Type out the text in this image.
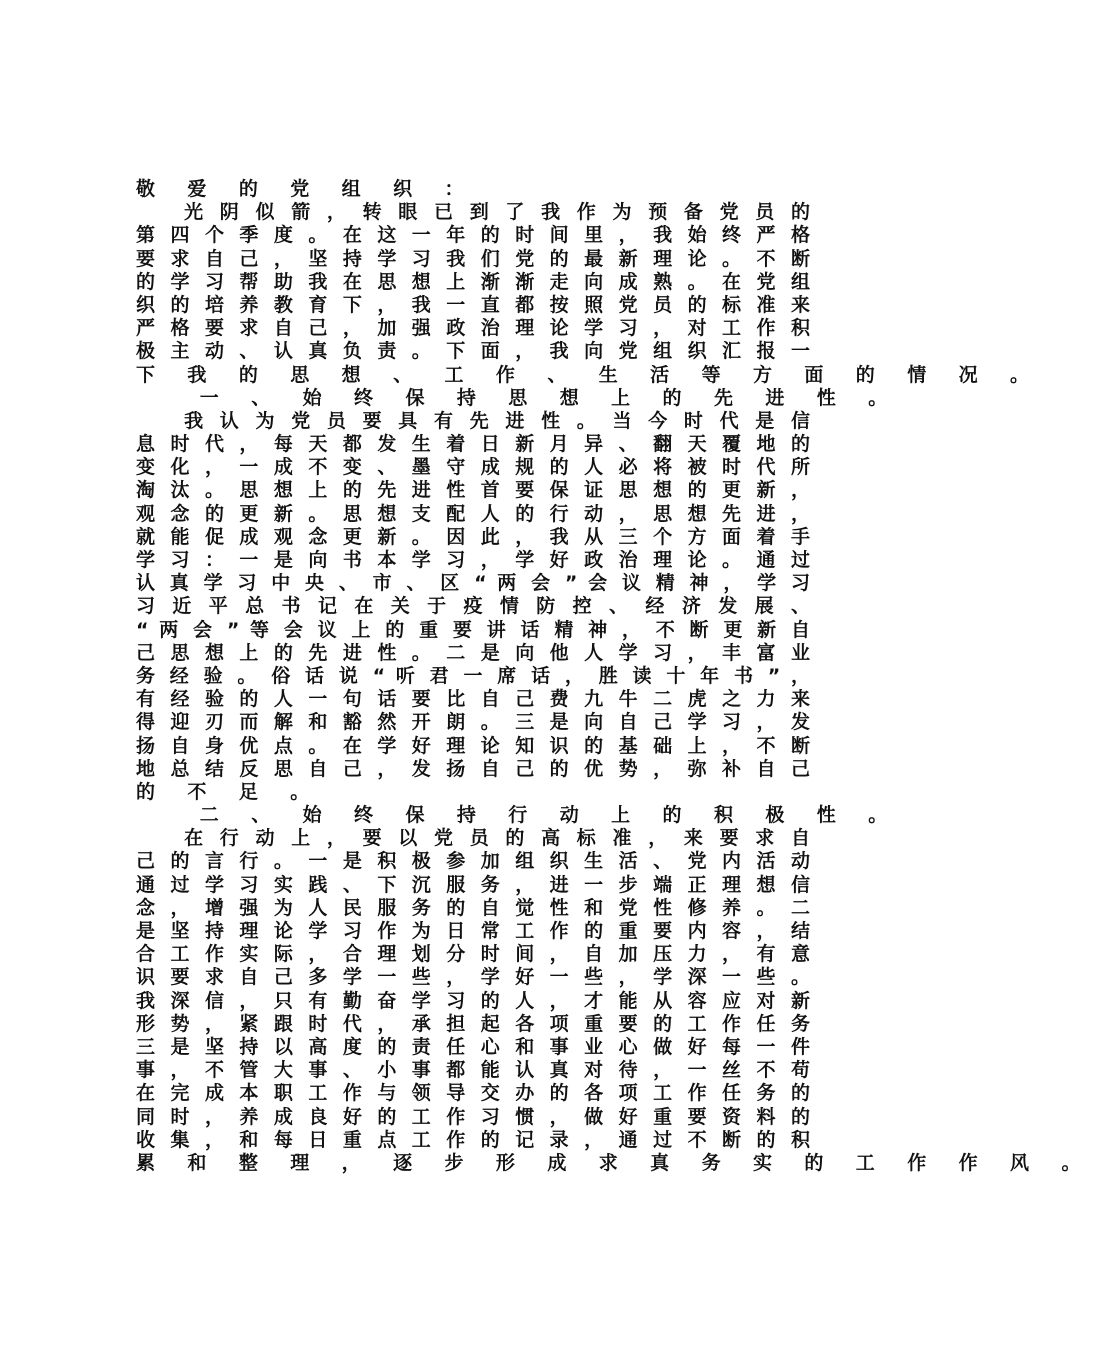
敬 爱 的 党 组 织 ：
　　光 阴 似 箭 ， 转 眼 已 到 了 我 作 为 预 备 党 员 的
第 四 个 季 度 。 在 这 一 年 的 时 间 里 ， 我 始 终 严 格
要 求 自 己 ， 坚 持 学 习 我 们 党 的 最 新 理 论 。 不 断
的 学 习 帮 助 我 在 思 想 上 渐 渐 走 向 成 熟 。 在 党 组
织 的 培 养 教 育 下 ， 我 一 直 都 按 照 党 员 的 标 准 来
严 格 要 求 自 己 ， 加 强 政 治 理 论 学 习 ， 对 工 作 积
极 主 动 、 认 真 负 责 。 下 面 ， 我 向 党 组 织 汇 报 一
下 我 的 思 想 、 工 作 、 生 活 等 方 面 的 情 况 。
　　一 、 始 终 保 持 思 想 上 的 先 进 性 。
　　我 认 为 党 员 要 具 有 先 进 性 。 当 今 时 代 是 信
息 时 代 ， 每 天 都 发 生 着 日 新 月 异 、 翻 天 覆 地 的
变 化 ， 一 成 不 变 、 墨 守 成 规 的 人 必 将 被 时 代 所
淘 汰 。 思 想 上 的 先 进 性 首 要 保 证 思 想 的 更 新 ，
观 念 的 更 新 。 思 想 支 配 人 的 行 动 ， 思 想 先 进 ，
就 能 促 成 观 念 更 新 。 因 此 ， 我 从 三 个 方 面 着 手
学 习 ： 一 是 向 书 本 学 习 ， 学 好 政 治 理 论 。 通 过
认 真 学 习 中 央 、 市 、 区 “ 两 会 ” 会 议 精 神 ， 学 习
习 近 平 总 书 记 在 关 于 疫 情 防 控 、 经 济 发 展 、
“ 两 会 ” 等 会 议 上 的 重 要 讲 话 精 神 ， 不 断 更 新 自
己 思 想 上 的 先 进 性 。 二 是 向 他 人 学 习 ， 丰 富 业
务 经 验 。 俗 话 说 “ 听 君 一 席 话 ， 胜 读 十 年 书 ” ，
有 经 验 的 人 一 句 话 要 比 自 己 费 九 牛 二 虎 之 力 来
得 迎 刃 而 解 和 豁 然 开 朗 。 三 是 向 自 己 学 习 ， 发
扬 自 身 优 点 。 在 学 好 理 论 知 识 的 基 础 上 ， 不 断
地 总 结 反 思 自 己 ， 发 扬 自 己 的 优 势 ， 弥 补 自 己
的 不 足 。
　　二 、 始 终 保 持 行 动 上 的 积 极 性 。
　　在 行 动 上 ， 要 以 党 员 的 高 标 准 ， 来 要 求 自
己 的 言 行 。 一 是 积 极 参 加 组 织 生 活 、 党 内 活 动
通 过 学 习 实 践 、 下 沉 服 务 ， 进 一 步 端 正 理 想 信
念 ， 增 强 为 人 民 服 务 的 自 觉 性 和 党 性 修 养 。 二
是 坚 持 理 论 学 习 作 为 日 常 工 作 的 重 要 内 容 ， 结
合 工 作 实 际 ， 合 理 划 分 时 间 ， 自 加 压 力 ， 有 意
识 要 求 自 己 多 学 一 些 ， 学 好 一 些 ， 学 深 一 些 。
我 深 信 ， 只 有 勤 奋 学 习 的 人 ， 才 能 从 容 应 对 新
形 势 ， 紧 跟 时 代 ， 承 担 起 各 项 重 要 的 工 作 任 务
三 是 坚 持 以 高 度 的 责 任 心 和 事 业 心 做 好 每 一 件
事 ， 不 管 大 事 、 小 事 都 能 认 真 对 待 ， 一 丝 不 苟
在 完 成 本 职 工 作 与 领 导 交 办 的 各 项 工 作 任 务 的
同 时 ， 养 成 良 好 的 工 作 习 惯 ， 做 好 重 要 资 料 的
收 集 ， 和 每 日 重 点 工 作 的 记 录 ， 通 过 不 断 的 积
累 和 整 理 ， 逐 步 形 成 求 真 务 实 的 工 作 作 风 。
